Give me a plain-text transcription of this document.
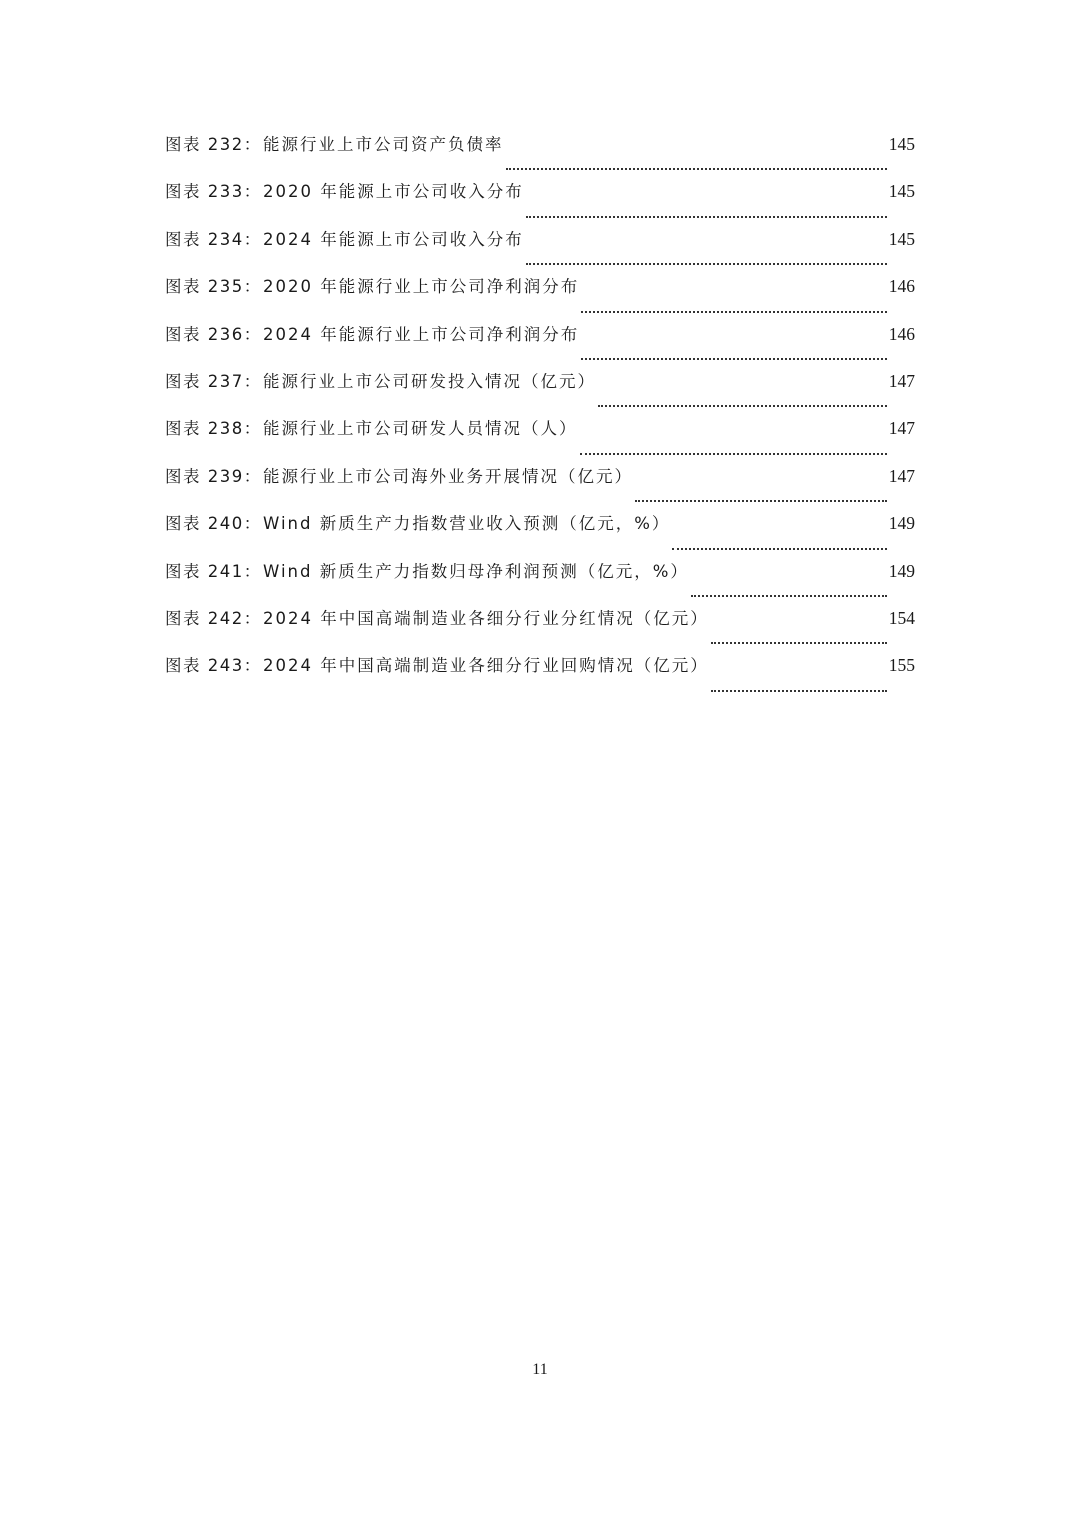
图表 232： 能源行业上市公司资产负债率	145
图表 233： 2020 年能源上市公司收入分布	145
图表 234： 2024 年能源上市公司收入分布	145
图表 235： 2020 年能源行业上市公司净利润分布	146
图表 236： 2024 年能源行业上市公司净利润分布	146
图表 237： 能源行业上市公司研发投入情况（亿元）	147
图表 238： 能源行业上市公司研发人员情况（人）	147
图表 239： 能源行业上市公司海外业务开展情况（亿元）	147
图表 240： Wind 新质生产力指数营业收入预测（亿元，%）	149
图表 241： Wind 新质生产力指数归母净利润预测（亿元，%）	149
图表 242： 2024 年中国高端制造业各细分行业分红情况（亿元）	154
图表 243： 2024 年中国高端制造业各细分行业回购情况（亿元）	155
11
